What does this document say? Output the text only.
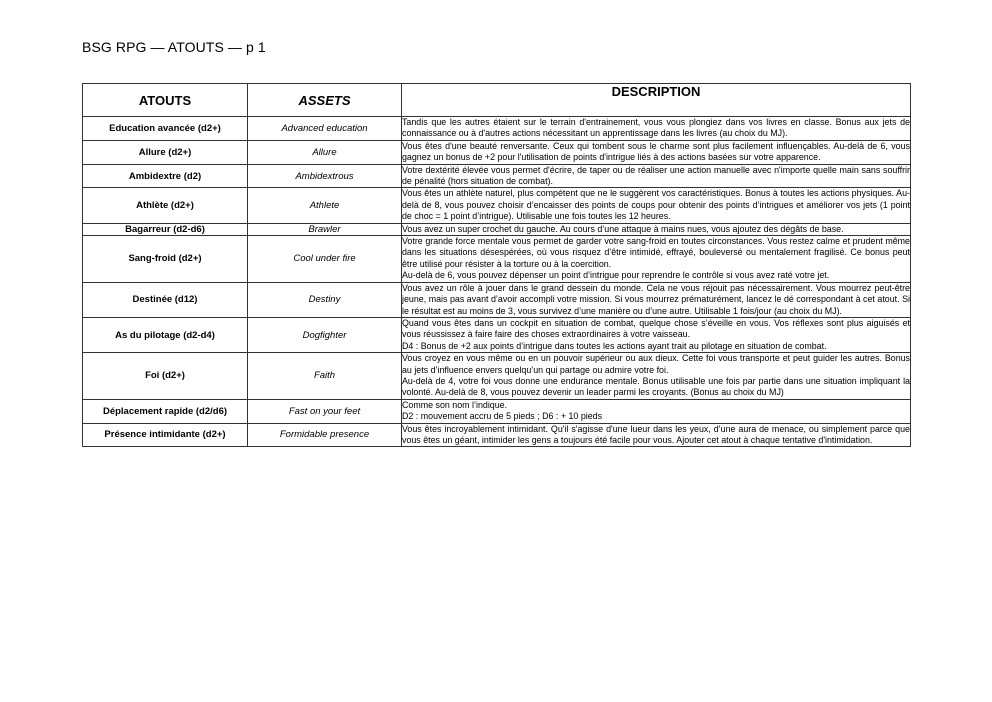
BSG RPG — ATOUTS — p 1
ATOUTS	ASSETS	DESCRIPTION
Education avancée (d2+)	Advanced education	Tandis que les autres étaient sur le terrain d'entrainement, vous vous plongiez dans vos livres en classe. Bonus aux jets de connaissance ou à d'autres actions nécessitant un apprentissage dans les livres (au choix du MJ).

Allure (d2+)	Allure	Vous êtes d'une beauté renversante. Ceux qui tombent sous le charme sont plus facilement influençables. Au-delà de 6, vous gagnez un bonus de +2 pour l'utilisation de points d'intrigue liés à des actions basées sur votre apparence.

Ambidextre (d2)	Ambidextrous	Votre dextérité élevée vous permet d'écrire, de taper ou de réaliser une action manuelle avec n'importe quelle main sans souffrir de pénalité (hors situation de combat).

Athlète (d2+)	Athlete	Vous êtes un athlète naturel, plus compétent que ne le suggèrent vos caractéristiques. Bonus à toutes les actions physiques. Au-delà de 8, vous pouvez choisir d’encaisser des points de coups pour obtenir des points d’intrigues et améliorer vos jets (1 point de choc = 1 point d’intrigue). Utilisable une fois toutes les 12 heures.

Bagarreur (d2-d6)	Brawler	Vous avez un super crochet du gauche. Au cours d’une attaque à mains nues, vous ajoutez des dégâts de base.

Sang-froid (d2+)	Cool under fire	Votre grande force mentale vous permet de garder votre sang-froid en toutes circonstances. Vous restez calme et prudent même dans les situations désespérées, où vous risquez d’être intimidé, effrayé, bouleversé ou mentalement fragilisé. Ce bonus peut être utilisé pour résister à la torture ou à la coercition.

Au-delà de 6, vous pouvez dépenser un point d’intrigue pour reprendre le contrôle si vous avez raté votre jet.

Destinée (d12)	Destiny	Vous avez un rôle à jouer dans le grand dessein du monde. Cela ne vous réjouit pas nécessairement. Vous mourrez peut-être jeune, mais pas avant d’avoir accompli votre mission. Si vous mourrez prématurément, lancez le dé correspondant à cet atout. Si le résultat est au moins de 3, vous survivez d’une manière ou d’une autre. Utilisable 1 fois/jour (au choix du MJ).

As du pilotage (d2-d4)	Dogfighter	Quand vous êtes dans un cockpit en situation de combat, quelque chose s’éveille en vous. Vos réflexes sont plus aiguisés et vous réussissez à faire faire des choses extraordinaires à votre vaisseau.

D4 : Bonus de +2 aux points d’intrigue dans toutes les actions ayant trait au pilotage en situation de combat.

Foi (d2+)	Faith	Vous croyez en vous même ou en un pouvoir supérieur ou aux dieux. Cette foi vous transporte et peut guider les autres. Bonus au jets d’influence envers quelqu’un qui partage ou admire votre foi.

Au-delà de 4, votre foi vous donne une endurance mentale. Bonus utilisable une fois par partie dans une situation impliquant la volonté. Au-delà de 8, vous pouvez devenir un leader parmi les croyants. (Bonus au choix du MJ)

Déplacement rapide (d2/d6)	Fast on your feet	Comme son nom l’indique.

D2 : mouvement accru de 5 pieds ; D6 : + 10 pieds

Présence intimidante (d2+)	Formidable presence	Vous êtes incroyablement intimidant. Qu'il s'agisse d'une lueur dans les yeux, d’une aura de menace, ou simplement parce que vous êtes un géant, intimider les gens a toujours été facile pour vous. Ajouter cet atout à chaque tentative d'intimidation.
